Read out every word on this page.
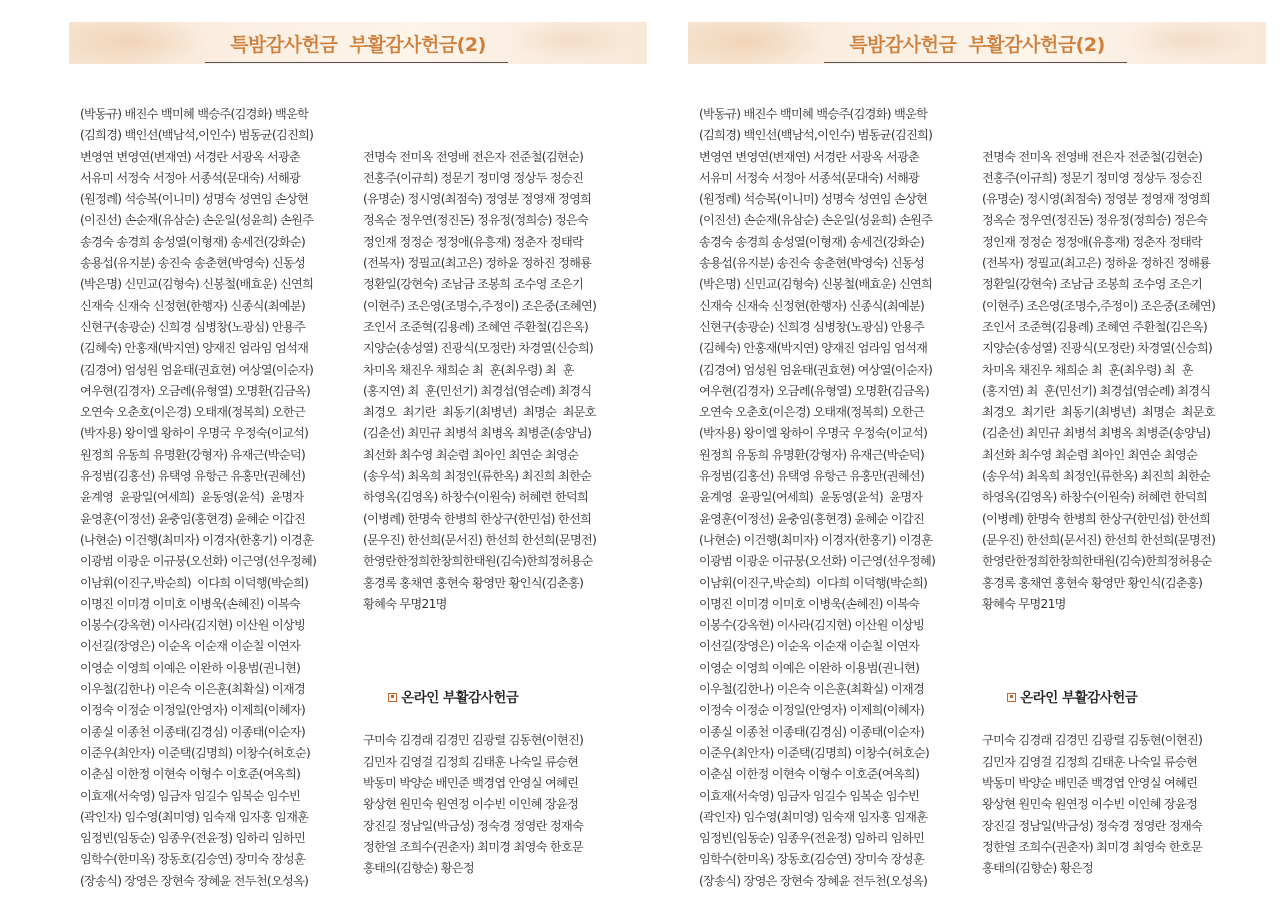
특밤감사헌금  부활감사헌금(2)
(박동규) 배진수 백미혜 백승주(김경화) 백운학
(김희경) 백인선(백남석,이인수) 범동균(김진희)
변영연 변영연(변재연) 서경란 서광옥 서광춘
서유미 서정숙 서정아 서종석(문대숙) 서해광
(원정례) 석승복(이니미) 성명숙 성연임 손상현
(이진선) 손순재(유삼순) 손운일(성윤희) 손원주
송경숙 송경희 송성열(이형재) 송세건(강화순)
송용섭(유지분) 송진숙 송춘현(박영숙) 신동성
(박은명) 신민교(김형숙) 신봉철(배효운) 신연희
신재숙 신재숙 신정현(한행자) 신종식(최예분)
신현구(송광순) 신희경 심병창(노광심) 안용주
(김혜숙) 안홍재(박지연) 양재진 엄라임 엄석재
(김경여) 엄성원 엄윤태(권효현) 여상열(이순자)
여우현(김경자) 오금례(유형열) 오명환(김금옥)
오연숙 오춘호(이은경) 오태재(정복희) 오한근
(박자용) 왕이엘 왕하이 우명국 우정숙(이교석)
원정희 유동희 유명환(강형자) 유재근(박순덕)
유정범(김홍선) 유택영 유항근 유홍만(권혜선)
윤계영  윤광일(여세희)  윤동영(윤석)  윤명자
윤영훈(이정선) 윤충임(홍현경) 윤혜순 이갑진
(나현순) 이건행(최미자) 이경자(한홍기) 이경훈
이광범 이광운 이규붕(오선화) 이근영(선우정혜)
이남휘(이진구,박순희)  이다희 이덕행(박순희)
이명진 이미경 이미호 이병욱(손혜진) 이복숙
이봉수(강옥현) 이사라(김지현) 이산원 이상빙
이선길(장영은) 이순옥 이순재 이순칠 이연자
이영순 이영희 이예은 이완하 이용범(권니현)
이우철(김한나) 이은숙 이은훈(최확실) 이재경
이정숙 이정순 이정일(안영자) 이제희(이혜자)
이종실 이종천 이종태(김경심) 이종태(이순자)
이준우(최안자) 이준택(김명희) 이창수(허호순)
이춘심 이한정 이현숙 이형수 이호준(여옥희)
이효재(서숙영) 임금자 임길수 임복순 임수빈
(곽인자) 임수영(최미영) 임숙재 임자홍 임재훈
임정빈(임동순) 임종우(전윤정) 임하리 임하민
임학수(한미옥) 장동호(김승연) 장미숙 장성훈
(장송식) 장영은 장현숙 장혜윤 전두천(오성옥)

전명숙 전미옥 전영배 전은자 전준철(김현순)
전홍주(이규희) 정문기 정미영 정상두 정승진
(유명순) 정시영(최점숙) 정영분 정영재 정영희
정옥순 정우연(정진돈) 정유정(정희승) 정은숙
정인재 정정순 정정애(유흥재) 정춘자 정태락
(전복자) 정필교(최고은) 정하윤 정하진 정해룡
정환일(강현숙) 조남금 조봉희 조수영 조은기
(이현주) 조은영(조명수,주정이) 조은중(조혜연)
조인서 조준혁(김용례) 조혜연 주환철(김은옥)
지양순(송성열) 진광식(모정란) 차경열(신승희)
차미옥 채진우 채희순 최  훈(최우령) 최  훈
(홍지연) 최  훈(민선기) 최경섭(염순례) 최경식
최경오  최기란  최동기(최병년)  최명순  최문호
(김춘선) 최민규 최병석 최병옥 최병준(송양님)
최선화 최수영 최순렴 최아인 최연순 최영순
(송우석) 최옥희 최정인(류한옥) 최진희 최한순
하영옥(김영옥) 하창수(이원숙) 허혜련 한덕희
(이병례) 한명숙 한병희 한상구(한민섭) 한선희
(문우진) 한선희(문서진) 한선희 한선희(문명전)
한영란한정희한창희한태원(김숙)한희정허용순
홍경록 홍채연 홍현숙 황영만 황인식(김춘홍)
황혜숙 무명21명

온라인 부활감사헌금

구미숙 김경래 김경민 김광렬 김동현(이현진)
김민자 김영걸 김정희 김태훈 나숙일 류승현
박동미 박양순 배민준 백경엽 안영실 여혜린
왕상현 원민숙 원연정 이수빈 이인혜 장윤정
장진길 정남일(박금성) 정숙경 정영란 정재숙
정한얼 조희수(권춘자) 최미경 최영숙 한호문
홍태의(김향순) 황은정

특밤감사헌금  부활감사헌금(2)
(박동규) 배진수 백미혜 백승주(김경화) 백운학
(김희경) 백인선(백남석,이인수) 범동균(김진희)
변영연 변영연(변재연) 서경란 서광옥 서광춘
서유미 서정숙 서정아 서종석(문대숙) 서해광
(원정례) 석승복(이니미) 성명숙 성연임 손상현
(이진선) 손순재(유삼순) 손운일(성윤희) 손원주
송경숙 송경희 송성열(이형재) 송세건(강화순)
송용섭(유지분) 송진숙 송춘현(박영숙) 신동성
(박은명) 신민교(김형숙) 신봉철(배효운) 신연희
신재숙 신재숙 신정현(한행자) 신종식(최예분)
신현구(송광순) 신희경 심병창(노광심) 안용주
(김혜숙) 안홍재(박지연) 양재진 엄라임 엄석재
(김경여) 엄성원 엄윤태(권효현) 여상열(이순자)
여우현(김경자) 오금례(유형열) 오명환(김금옥)
오연숙 오춘호(이은경) 오태재(정복희) 오한근
(박자용) 왕이엘 왕하이 우명국 우정숙(이교석)
원정희 유동희 유명환(강형자) 유재근(박순덕)
유정범(김홍선) 유택영 유항근 유홍만(권혜선)
윤계영  윤광일(여세희)  윤동영(윤석)  윤명자
윤영훈(이정선) 윤충임(홍현경) 윤혜순 이갑진
(나현순) 이건행(최미자) 이경자(한홍기) 이경훈
이광범 이광운 이규붕(오선화) 이근영(선우정혜)
이남휘(이진구,박순희)  이다희 이덕행(박순희)
이명진 이미경 이미호 이병욱(손혜진) 이복숙
이봉수(강옥현) 이사라(김지현) 이산원 이상빙
이선길(장영은) 이순옥 이순재 이순칠 이연자
이영순 이영희 이예은 이완하 이용범(권니현)
이우철(김한나) 이은숙 이은훈(최확실) 이재경
이정숙 이정순 이정일(안영자) 이제희(이혜자)
이종실 이종천 이종태(김경심) 이종태(이순자)
이준우(최안자) 이준택(김명희) 이창수(허호순)
이춘심 이한정 이현숙 이형수 이호준(여옥희)
이효재(서숙영) 임금자 임길수 임복순 임수빈
(곽인자) 임수영(최미영) 임숙재 임자홍 임재훈
임정빈(임동순) 임종우(전윤정) 임하리 임하민
임학수(한미옥) 장동호(김승연) 장미숙 장성훈
(장송식) 장영은 장현숙 장혜윤 전두천(오성옥)

전명숙 전미옥 전영배 전은자 전준철(김현순)
전홍주(이규희) 정문기 정미영 정상두 정승진
(유명순) 정시영(최점숙) 정영분 정영재 정영희
정옥순 정우연(정진돈) 정유정(정희승) 정은숙
정인재 정정순 정정애(유흥재) 정춘자 정태락
(전복자) 정필교(최고은) 정하윤 정하진 정해룡
정환일(강현숙) 조남금 조봉희 조수영 조은기
(이현주) 조은영(조명수,주정이) 조은중(조혜연)
조인서 조준혁(김용례) 조혜연 주환철(김은옥)
지양순(송성열) 진광식(모정란) 차경열(신승희)
차미옥 채진우 채희순 최  훈(최우령) 최  훈
(홍지연) 최  훈(민선기) 최경섭(염순례) 최경식
최경오  최기란  최동기(최병년)  최명순  최문호
(김춘선) 최민규 최병석 최병옥 최병준(송양님)
최선화 최수영 최순렴 최아인 최연순 최영순
(송우석) 최옥희 최정인(류한옥) 최진희 최한순
하영옥(김영옥) 하창수(이원숙) 허혜련 한덕희
(이병례) 한명숙 한병희 한상구(한민섭) 한선희
(문우진) 한선희(문서진) 한선희 한선희(문명전)
한영란한정희한창희한태원(김숙)한희정허용순
홍경록 홍채연 홍현숙 황영만 황인식(김춘홍)
황혜숙 무명21명

온라인 부활감사헌금

구미숙 김경래 김경민 김광렬 김동현(이현진)
김민자 김영걸 김정희 김태훈 나숙일 류승현
박동미 박양순 배민준 백경엽 안영실 여혜린
왕상현 원민숙 원연정 이수빈 이인혜 장윤정
장진길 정남일(박금성) 정숙경 정영란 정재숙
정한얼 조희수(권춘자) 최미경 최영숙 한호문
홍태의(김향순) 황은정
